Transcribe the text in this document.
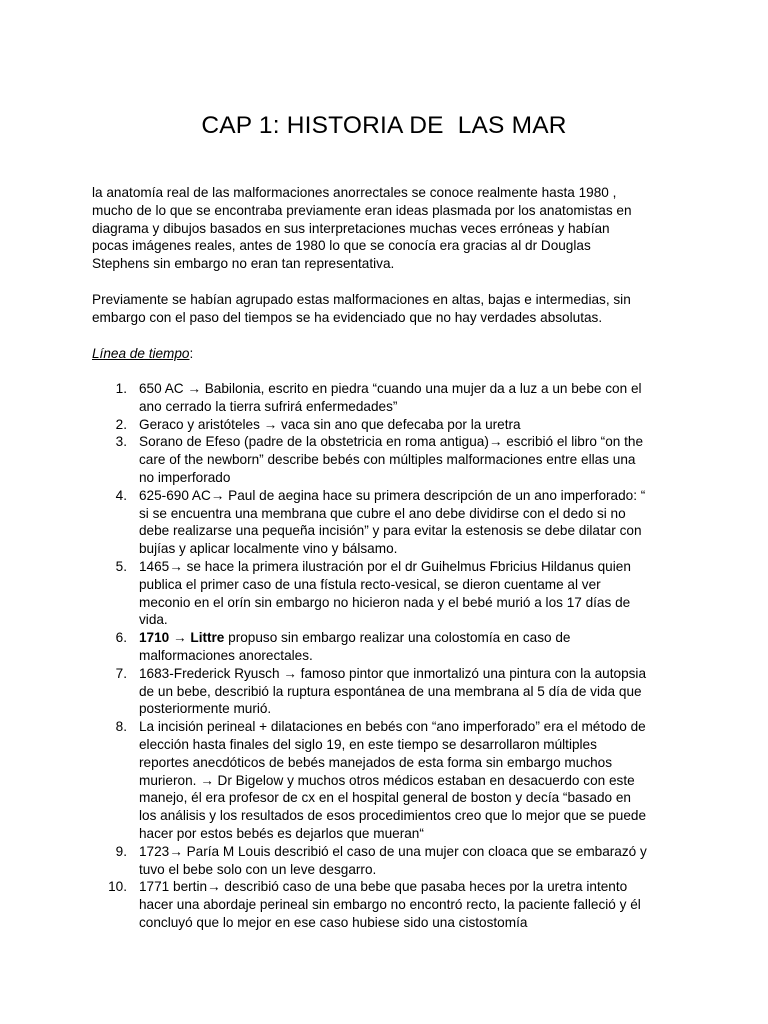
CAP 1: HISTORIA DE  LAS MAR
la anatomía real de las malformaciones anorrectales se conoce realmente hasta 1980 ,
mucho de lo que se encontraba previamente eran ideas plasmada por los anatomistas en
diagrama y dibujos basados en sus interpretaciones muchas veces erróneas y habían
pocas imágenes reales, antes de 1980 lo que se conocía era gracias al dr Douglas
Stephens sin embargo no eran tan representativa.
Previamente se habían agrupado estas malformaciones en altas, bajas e intermedias, sin
embargo con el paso del tiempos se ha evidenciado que no hay verdades absolutas.
Línea de tiempo:
1. 650 AC → Babilonia, escrito en piedra “cuando una mujer da a luz a un bebe con el
ano cerrado la tierra sufrirá enfermedades”
2. Geraco y aristóteles → vaca sin ano que defecaba por la uretra
3. Sorano de Efeso (padre de la obstetricia en roma antigua)→ escribió el libro “on the
care of the newborn” describe bebés con múltiples malformaciones entre ellas una
no imperforado
4. 625-690 AC→ Paul de aegina hace su primera descripción de un ano imperforado: “
si se encuentra una membrana que cubre el ano debe dividirse con el dedo si no
debe realizarse una pequeña incisión” y para evitar la estenosis se debe dilatar con
bujías y aplicar localmente vino y bálsamo.
5. 1465→ se hace la primera ilustración por el dr Guihelmus Fbricius Hildanus quien
publica el primer caso de una fístula recto-vesical, se dieron cuentame al ver
meconio en el orín sin embargo no hicieron nada y el bebé murió a los 17 días de
vida.
6. 1710 → Littre propuso sin embargo realizar una colostomía en caso de
malformaciones anorectales.
7. 1683-Frederick Ryusch → famoso pintor que inmortalizó una pintura con la autopsia
de un bebe, describió la ruptura espontánea de una membrana al 5 día de vida que
posteriormente murió.
8. La incisión perineal + dilataciones en bebés con “ano imperforado” era el método de
elección hasta finales del siglo 19, en este tiempo se desarrollaron múltiples
reportes anecdóticos de bebés manejados de esta forma sin embargo muchos
murieron. → Dr Bigelow y muchos otros médicos estaban en desacuerdo con este
manejo, él era profesor de cx en el hospital general de boston y decía “basado en
los análisis y los resultados de esos procedimientos creo que lo mejor que se puede
hacer por estos bebés es dejarlos que mueran“
9. 1723→ Paría M Louis describió el caso de una mujer con cloaca que se embarazó y
tuvo el bebe solo con un leve desgarro.
10. 1771 bertin→ describió caso de una bebe que pasaba heces por la uretra intento
hacer una abordaje perineal sin embargo no encontró recto, la paciente falleció y él
concluyó que lo mejor en ese caso hubiese sido una cistostomía
